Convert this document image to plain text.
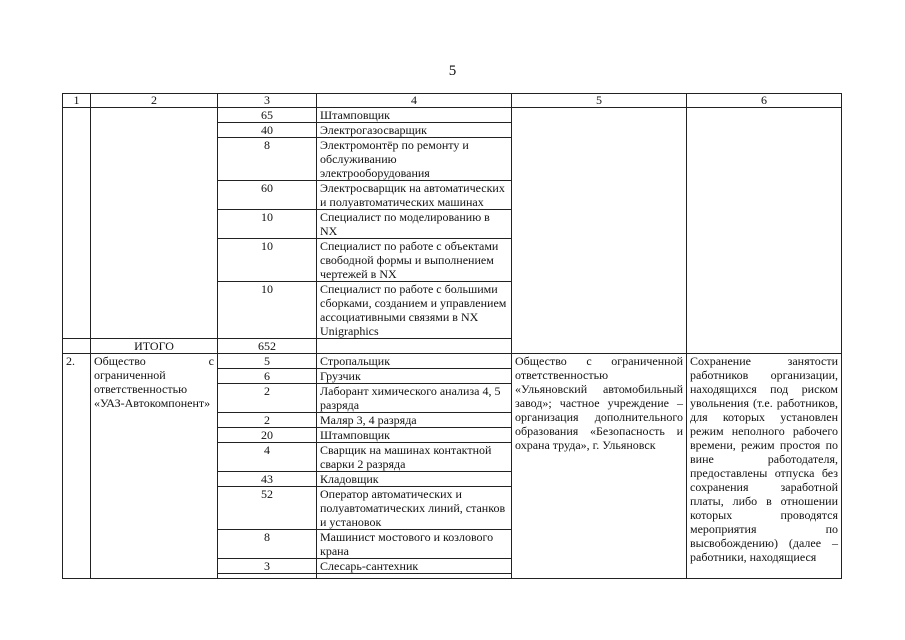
5
1	2	3	4	5	6
		65	Штамповщик		
		40	Электрогазосварщик		
		8	Электромонтёр по ремонту и обслуживанию электрооборудования		
		60	Электросварщик на автоматических и полуавтоматических машинах		
		10	Специалист по моделированию в NX		
		10	Специалист по работе с объектами свободной формы и выполнением чертежей в NX		
		10	Специалист по работе с большими сборками, созданием и управлением ассоциативными связями в NX Unigraphics		
	ИТОГО	652			
2.	Общество с ограниченной ответственностью «УАЗ-Автокомпонент»	5	Стропальщик	Общество с ограниченной ответственностью «Ульяновский автомобильный завод»; частное учреждение – организация дополнительного образования «Безопасность и охрана труда», г. Ульяновск	Сохранение занятости работников организации, находящихся под риском увольнения (т.е. работников, для которых установлен режим неполного рабочего времени, режим простоя по вине работодателя, предоставлены отпуска без сохранения заработной платы, либо в отношении которых проводятся мероприятия по высвобождению) (далее – работники, находящиеся
		6	Грузчик		
		2	Лаборант химического анализа 4, 5 разряда		
		2	Маляр 3, 4 разряда		
		20	Штамповщик		
		4	Сварщик на машинах контактной сварки 2 разряда		
		43	Кладовщик		
		52	Оператор автоматических и полуавтоматических линий, станков и установок		
		8	Машинист мостового и козлового крана		
		3	Слесарь-сантехник		
